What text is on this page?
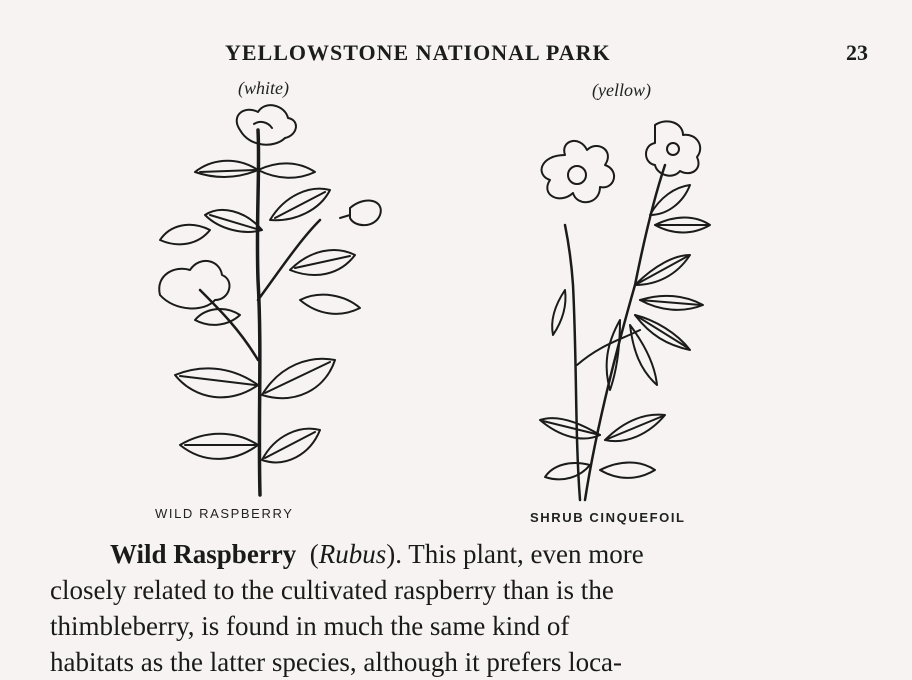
YELLOWSTONE NATIONAL PARK	23
(white)	(yellow)
WILD RASPBERRY	SHRUB CINQUEFOIL
Wild Raspberry (Rubus). This plant, even more
closely related to the cultivated raspberry than is the
thimbleberry, is found in much the same kind of
habitats as the latter species, although it prefers loca-
